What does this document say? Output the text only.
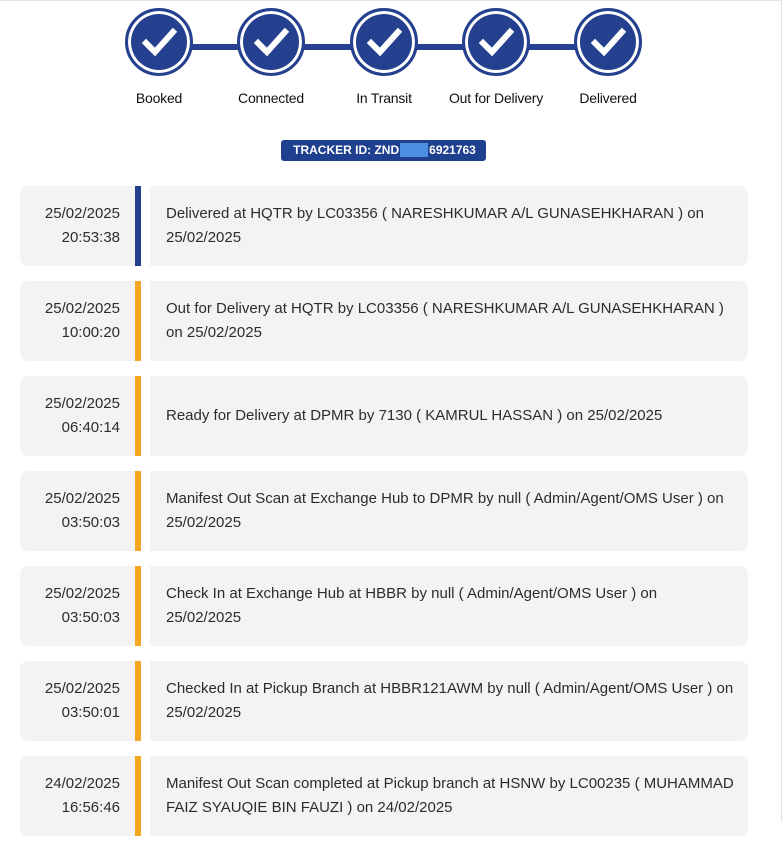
Booked	Connected	In Transit	Out for Delivery	Delivered
TRACKER ID: ZND	6921763
25/02/2025
20:53:38
Delivered at HQTR by LC03356 ( NARESHKUMAR A/L GUNASEHKHARAN ) on 25/02/2025
25/02/2025
10:00:20
Out for Delivery at HQTR by LC03356 ( NARESHKUMAR A/L GUNASEHKHARAN ) on 25/02/2025
25/02/2025
06:40:14
Ready for Delivery at DPMR by 7130 ( KAMRUL HASSAN ) on 25/02/2025
25/02/2025
03:50:03
Manifest Out Scan at Exchange Hub to DPMR by null ( Admin/Agent/OMS User ) on 25/02/2025
25/02/2025
03:50:03
Check In at Exchange Hub at HBBR by null ( Admin/Agent/OMS User ) on 25/02/2025
25/02/2025
03:50:01
Checked In at Pickup Branch at HBBR121AWM by null ( Admin/Agent/OMS User ) on 25/02/2025
24/02/2025
16:56:46
Manifest Out Scan completed at Pickup branch at HSNW by LC00235 ( MUHAMMAD FAIZ SYAUQIE BIN FAUZI ) on 24/02/2025
